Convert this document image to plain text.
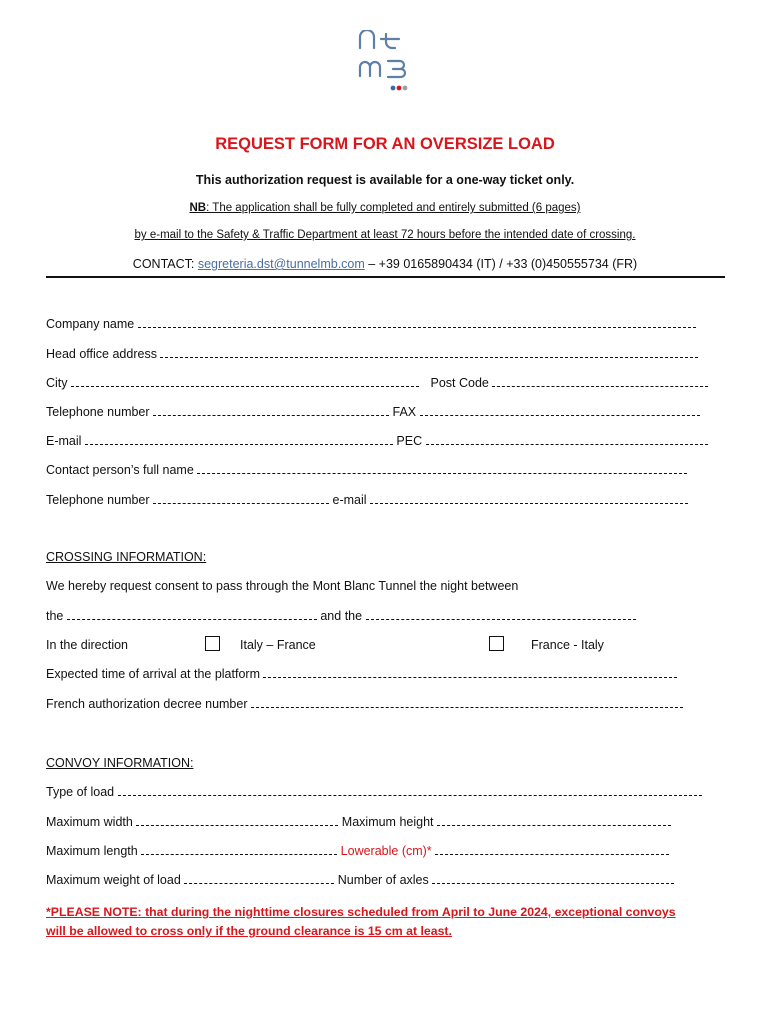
REQUEST FORM FOR AN OVERSIZE LOAD
This authorization request is available for a one-way ticket only.
NB: The application shall be fully completed and entirely submitted (6 pages)
by e-mail to the Safety & Traffic Department at least 72 hours before the intended date of crossing.
CONTACT: segreteria.dst@tunnelmb.com – +39 0165890434 (IT) / +33 (0)450555734 (FR)
Company name
Head office address
City	Post Code
Telephone number	FAX
E-mail	PEC
Contact person’s full name
Telephone number	e-mail
CROSSING INFORMATION:
We hereby request consent to pass through the Mont Blanc Tunnel the night between
the	and the
In the direction	Italy – France	France - Italy
Expected time of arrival at the platform
French authorization decree number
CONVOY INFORMATION:
Type of load
Maximum width	Maximum height
Maximum length	Lowerable (cm)*
Maximum weight of load	Number of axles
*PLEASE NOTE: that during the nighttime closures scheduled from April to June 2024, exceptional convoys will be allowed to cross only if the ground clearance is 15 cm at least.
